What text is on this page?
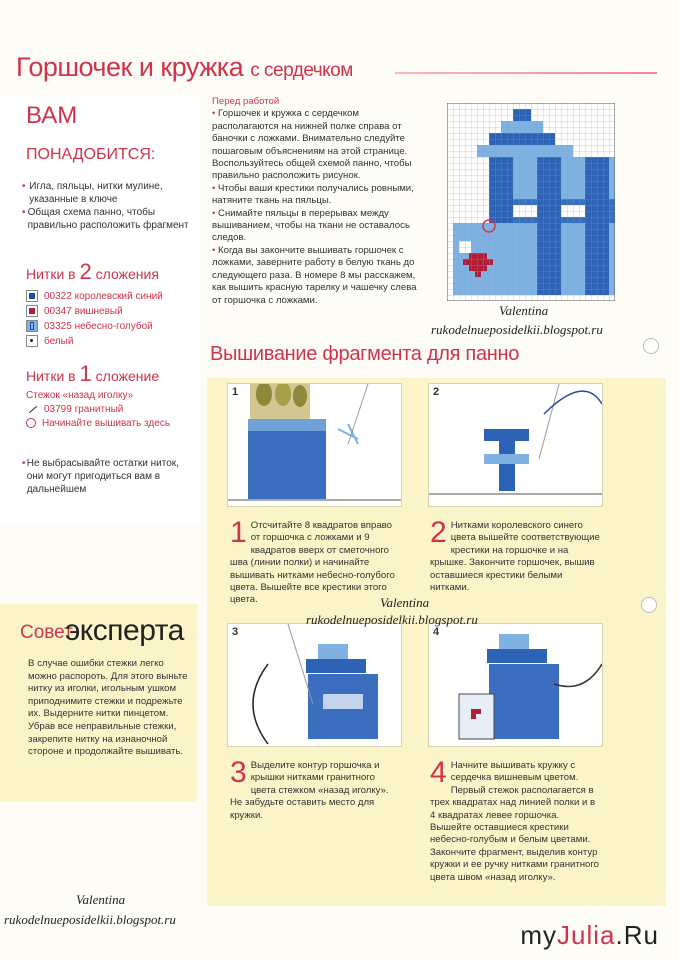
Горшочек и кружка с сердечком
ВАМ
ПОНАДОБИТСЯ:
• Игла, пяльцы, нитки мулине, указанные в ключе
• Общая схема панно, чтобы правильно расположить фрагмент
Нитки в 2 сложения
00322 королевский синий
00347 вишневый
03325 небесно-голубой
белый
Нитки в 1 сложение
Стежок «назад иголку»
03799 гранитный
Начинайте вышивать здесь
• Не выбрасывайте остатки ниток, они могут пригодиться вам в дальнейшем
Перед работой
• Горшочек и кружка с сердечком располагаются на нижней полке справа от баночки с ложками. Внимательно следуйте пошаговым объяснениям на этой странице. Воспользуйтесь общей схемой панно, чтобы правильно расположить рисунок.
• Чтобы ваши крестики получались ровными, натяните ткань на пяльцы.
• Снимайте пяльцы в перерывах между вышиванием, чтобы на ткани не оставалось следов.
• Когда вы закончите вышивать горшочек с ложками, заверните работу в белую ткань до следующего раза. В номере 8 мы расскажем, как вышить красную тарелку и чашечку слева от горшочка с ложками.
Valentina
rukodelnueposidelkii.blogspot.ru
Вышивание фрагмента для панно
1	2
3	4
1 Отсчитайте 8 квадратов вправо от горшочка с ложками и 9 квадратов вверх от сметочного шва (линии полки) и начинайте вышивать нитками небесно-голубого цвета. Вышейте все крестики этого цвета.
2 Нитками королевского синего цвета вышейте соответствующие крестики на горшочке и на крышке. Закончите горшочек, вышив оставшиеся крестики белыми нитками.
3 Выделите контур горшочка и крышки нитками гранитного цвета стежком «назад иголку». Не забудьте оставить место для кружки.
4 Начните вышивать кружку с сердечка вишневым цветом. Первый стежок располагается в трех квадратах над линией полки и в 4 квадратах левее горшочка. Вышейте оставшиеся крестики небесно-голубым и белым цветами. Закончите фрагмент, выделив контур кружки и ее ручку нитками гранитного цвета швом «назад иголку».
Valentina
rukodelnueposidelkii.blogspot.ru
Совет
эксперта
В случае ошибки стежки легко можно распороть. Для этого выньте нитку из иголки, игольным ушком приподнимите стежки и подрежьте их. Выдерните нитки пинцетом. Убрав все неправильные стежки, закрепите нитку на изнаночной стороне и продолжайте вышивать.
Valentina
rukodelnueposidelkii.blogspot.ru
myJulia.Ru
